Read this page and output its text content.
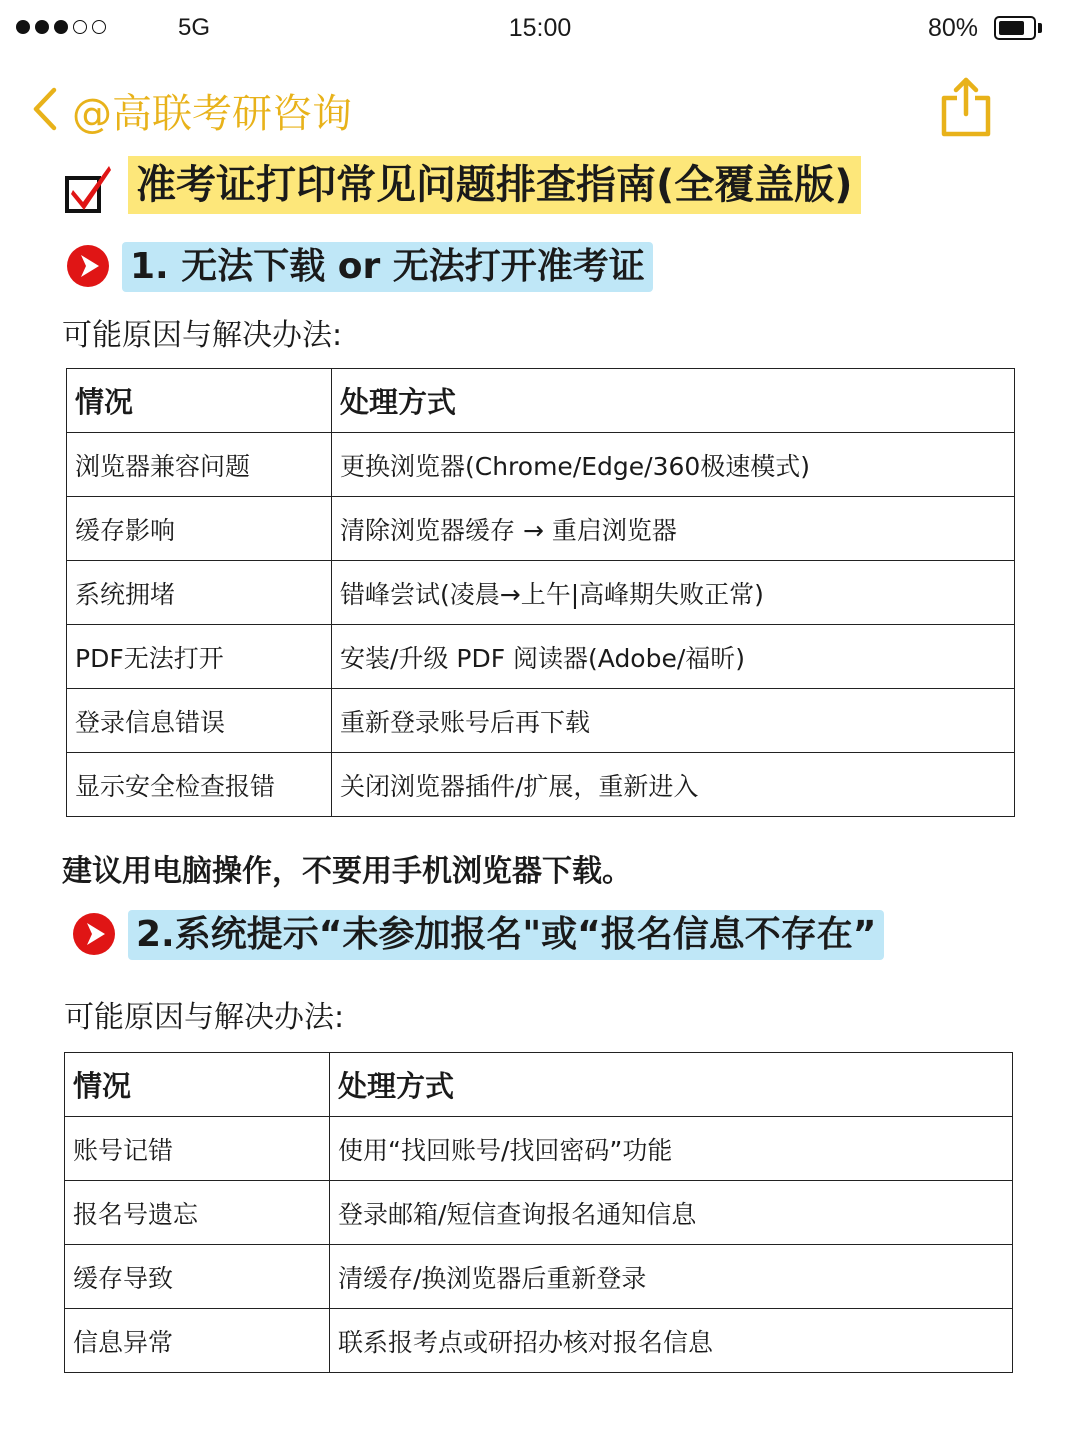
5G	15:00	80%
@高联考研咨询
准考证打印常见问题排查指南(全覆盖版)
1. 无法下载 or 无法打开准考证
可能原因与解决办法:
情况	处理方式
浏览器兼容问题	更换浏览器(Chrome/Edge/360极速模式)
缓存影响	清除浏览器缓存 → 重启浏览器
系统拥堵	错峰尝试(凌晨→上午|高峰期失败正常)
PDF无法打开	安装/升级 PDF 阅读器(Adobe/福昕)
登录信息错误	重新登录账号后再下载
显示安全检查报错	关闭浏览器插件/扩展，重新进入
建议用电脑操作，不要用手机浏览器下载。
2.系统提示“未参加报名"或“报名信息不存在”
可能原因与解决办法:
情况	处理方式
账号记错	使用“找回账号/找回密码”功能
报名号遗忘	登录邮箱/短信查询报名通知信息
缓存导致	清缓存/换浏览器后重新登录
信息异常	联系报考点或研招办核对报名信息
